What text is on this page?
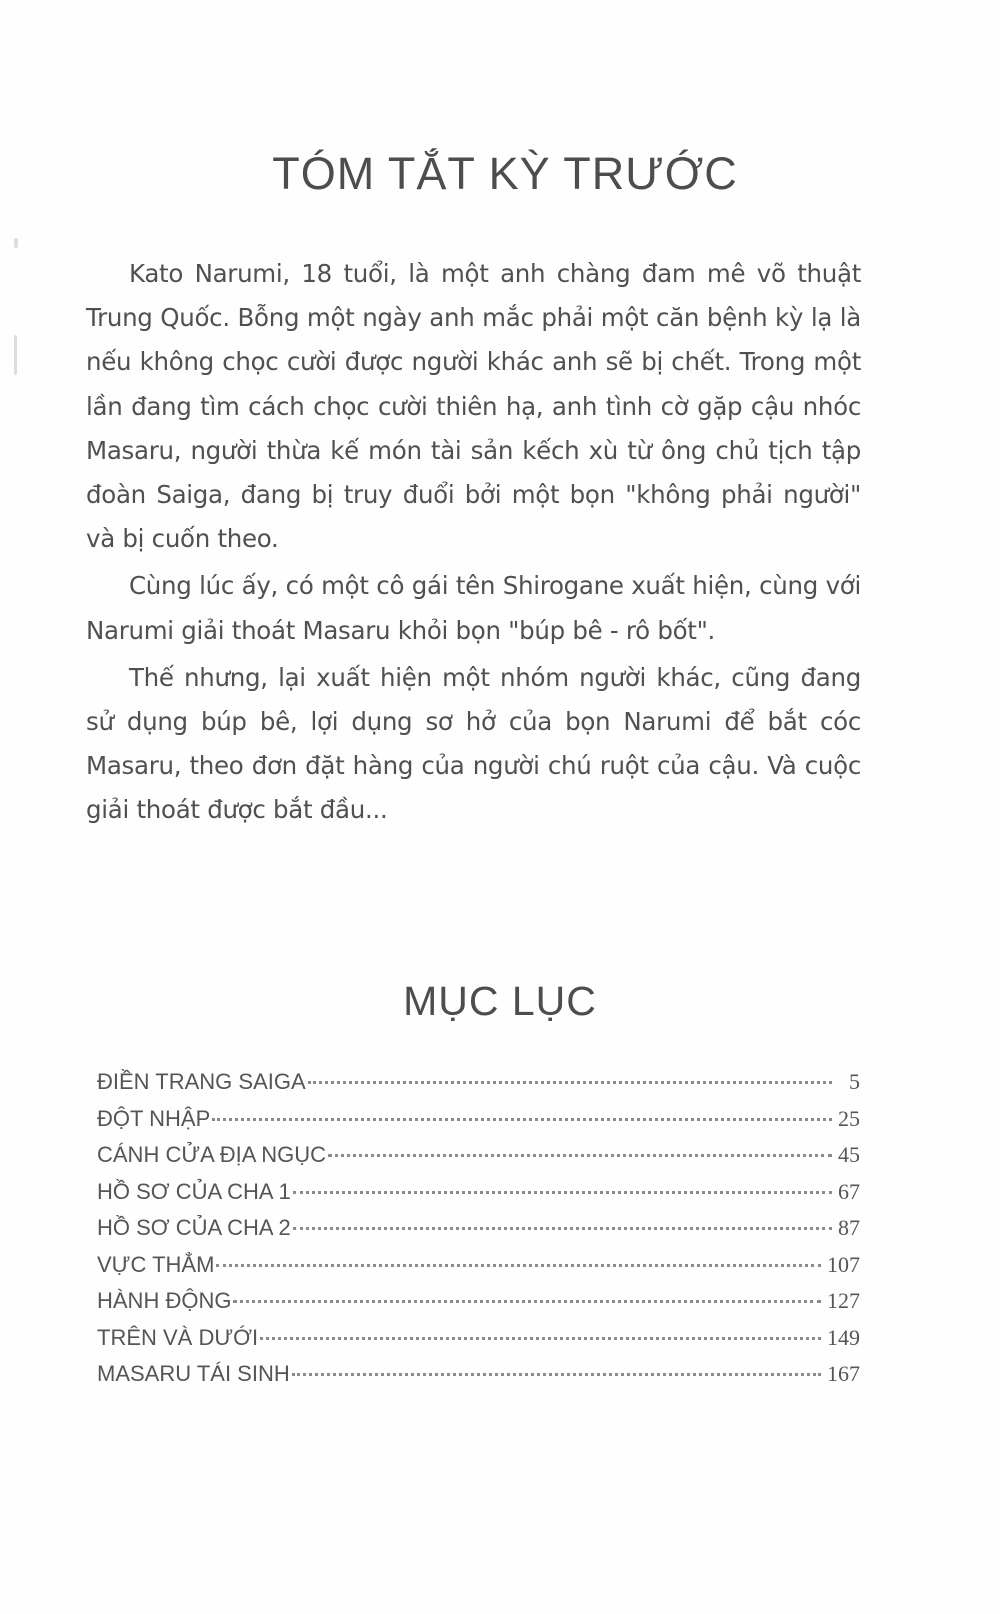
TÓM TẮT KỲ TRƯỚC

Kato Narumi, 18 tuổi, là một anh chàng đam mê võ thuật Trung Quốc. Bỗng một ngày anh mắc phải một căn bệnh kỳ lạ là nếu không chọc cười được người khác anh sẽ bị chết. Trong một lần đang tìm cách chọc cười thiên hạ, anh tình cờ gặp cậu nhóc Masaru, người thừa kế món tài sản kếch xù từ ông chủ tịch tập đoàn Saiga, đang bị truy đuổi bởi một bọn "không phải người" và bị cuốn theo.

Cùng lúc ấy, có một cô gái tên Shirogane xuất hiện, cùng với Narumi giải thoát Masaru khỏi bọn "búp bê - rô bốt".

Thế nhưng, lại xuất hiện một nhóm người khác, cũng đang sử dụng búp bê, lợi dụng sơ hở của bọn Narumi để bắt cóc Masaru, theo đơn đặt hàng của người chú ruột của cậu. Và cuộc giải thoát được bắt đầu...

MỤC LỤC
ĐIỀN TRANG SAIGA	5
ĐỘT NHẬP	25
CÁNH CỬA ĐỊA NGỤC	45
HỒ SƠ CỦA CHA 1	67
HỒ SƠ CỦA CHA 2	87
VỰC THẲM	107
HÀNH ĐỘNG	127
TRÊN VÀ DƯỚI	149
MASARU TÁI SINH	167
